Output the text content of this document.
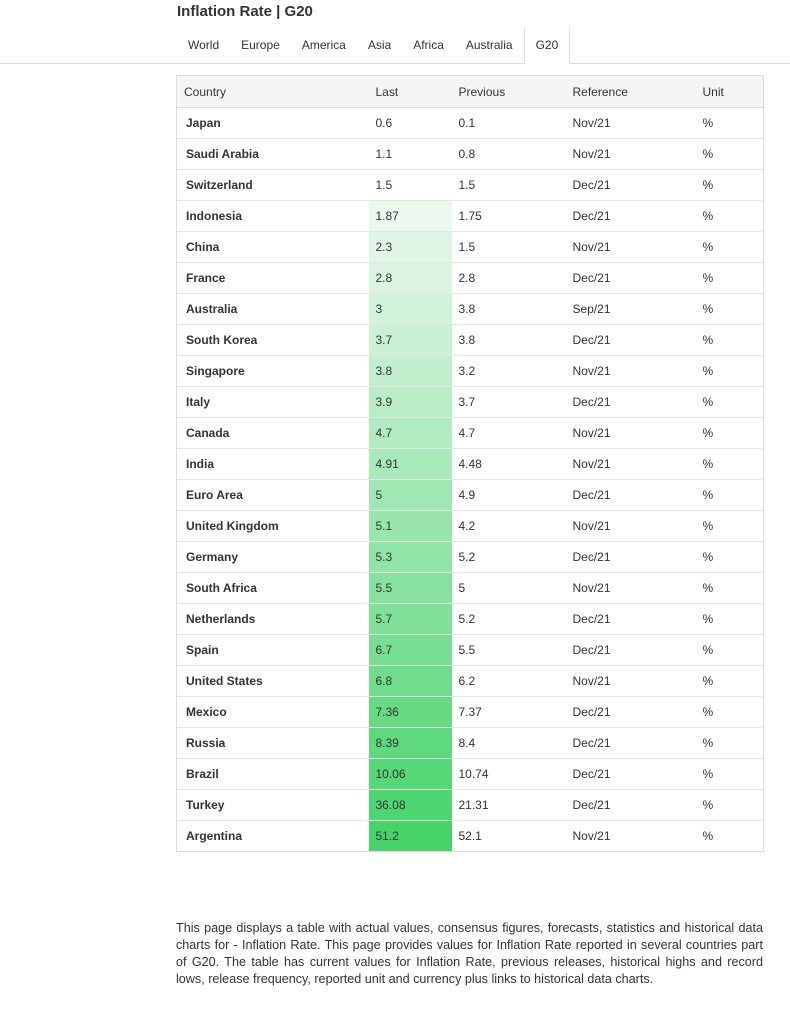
Inflation Rate | G20
World	Europe	America	Asia	Africa	Australia	G20
Country	Last	Previous	Reference	Unit
Japan	0.6	0.1	Nov/21	%
Saudi Arabia	1.1	0.8	Nov/21	%
Switzerland	1.5	1.5	Dec/21	%
Indonesia	1.87	1.75	Dec/21	%
China	2.3	1.5	Nov/21	%
France	2.8	2.8	Dec/21	%
Australia	3	3.8	Sep/21	%
South Korea	3.7	3.8	Dec/21	%
Singapore	3.8	3.2	Nov/21	%
Italy	3.9	3.7	Dec/21	%
Canada	4.7	4.7	Nov/21	%
India	4.91	4.48	Nov/21	%
Euro Area	5	4.9	Dec/21	%
United Kingdom	5.1	4.2	Nov/21	%
Germany	5.3	5.2	Dec/21	%
South Africa	5.5	5	Nov/21	%
Netherlands	5.7	5.2	Dec/21	%
Spain	6.7	5.5	Dec/21	%
United States	6.8	6.2	Nov/21	%
Mexico	7.36	7.37	Dec/21	%
Russia	8.39	8.4	Dec/21	%
Brazil	10.06	10.74	Dec/21	%
Turkey	36.08	21.31	Dec/21	%
Argentina	51.2	52.1	Nov/21	%

This page displays a table with actual values, consensus figures, forecasts, statistics and historical data charts for - Inflation Rate. This page provides values for Inflation Rate reported in several countries part of G20. The table has current values for Inflation Rate, previous releases, historical highs and record lows, release frequency, reported unit and currency plus links to historical data charts.
